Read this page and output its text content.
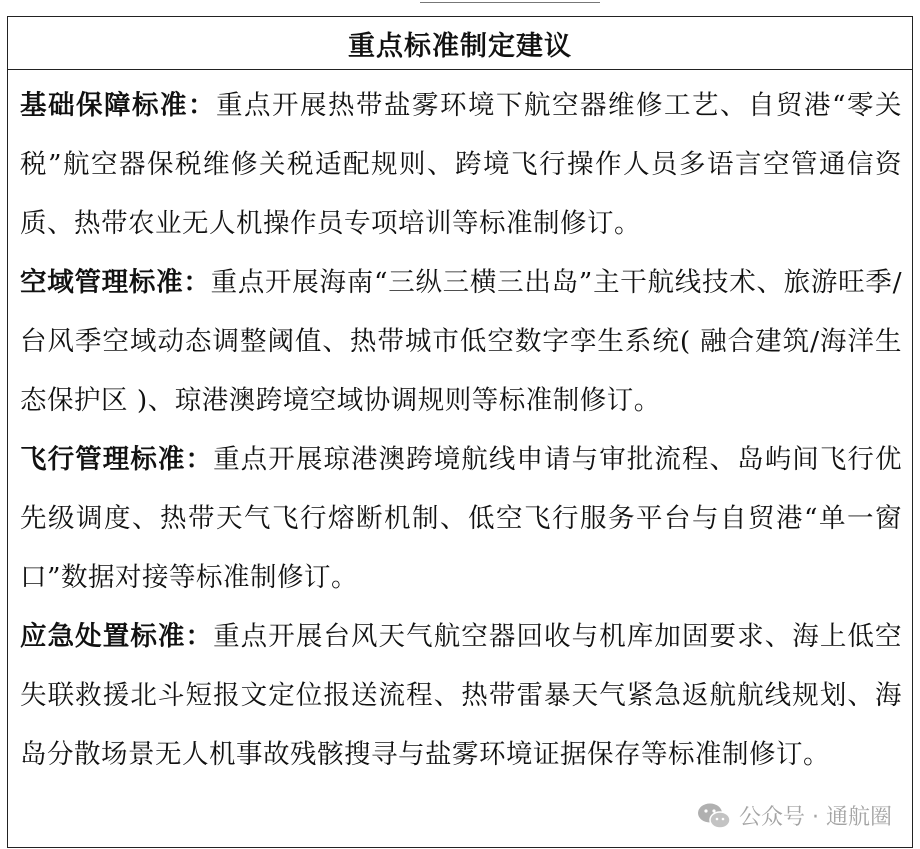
重点标准制定建议

基础保障标准：重点开展热带盐雾环境下航空器维修工艺、自贸港“零关税”航空器保税维修关税适配规则、跨境飞行操作人员多语言空管通信资质、热带农业无人机操作员专项培训等标准制修订。

空域管理标准：重点开展海南“三纵三横三出岛”主干航线技术、旅游旺季/台风季空域动态调整阈值、热带城市低空数字孪生系统( 融合建筑/海洋生态保护区 )、琼港澳跨境空域协调规则等标准制修订。

飞行管理标准：重点开展琼港澳跨境航线申请与审批流程、岛屿间飞行优先级调度、热带天气飞行熔断机制、低空飞行服务平台与自贸港“单一窗口”数据对接等标准制修订。

应急处置标准：重点开展台风天气航空器回收与机库加固要求、海上低空失联救援北斗短报文定位报送流程、热带雷暴天气紧急返航航线规划、海岛分散场景无人机事故残骸搜寻与盐雾环境证据保存等标准制修订。

公众号 · 通航圈
